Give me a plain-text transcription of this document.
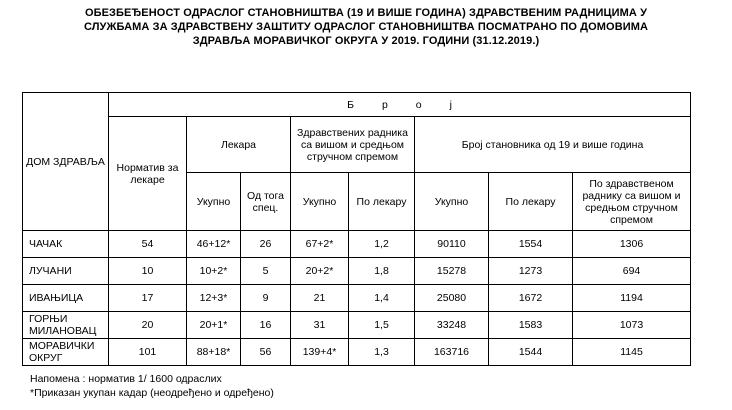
ОБЕЗБЕЂЕНОСТ ОДРАСЛОГ СТАНОВНИШТВА (19 И ВИШЕ ГОДИНА) ЗДРАВСТВЕНИМ РАДНИЦИМА У
СЛУЖБАМА ЗА ЗДРАВСТВЕНУ ЗАШТИТУ ОДРАСЛОГ СТАНОВНИШТВА ПОСМАТРАНО ПО ДОМОВИМА
ЗДРАВЉА МОРАВИЧКОГ ОКРУГА У 2019. ГОДИНИ (31.12.2019.)
ДОМ ЗДРАВЉА	Број							
	Норматив за лекаре	Лекара		Здравствених радника са вишом и средњом стручном спремом		Број становника од 19 и више година		
		Укупно	Од тога спец.	Укупно	По лекару	Укупно	По лекару	По здравственом раднику са вишом и средњом стручном спремом
ЧАЧАК	54	46+12*	26	67+2*	1,2	90110	1554	1306
ЛУЧАНИ	10	10+2*	5	20+2*	1,8	15278	1273	694
ИВАЊИЦА	17	12+3*	9	21	1,4	25080	1672	1194
ГОРЊИ МИЛАНОВАЦ	20	20+1*	16	31	1,5	33248	1583	1073
МОРАВИЧКИ ОКРУГ	101	88+18*	56	139+4*	1,3	163716	1544	1145
Напомена : норматив 1/ 1600 одраслих
*Приказан укупан кадар (неодређено и одређено)
